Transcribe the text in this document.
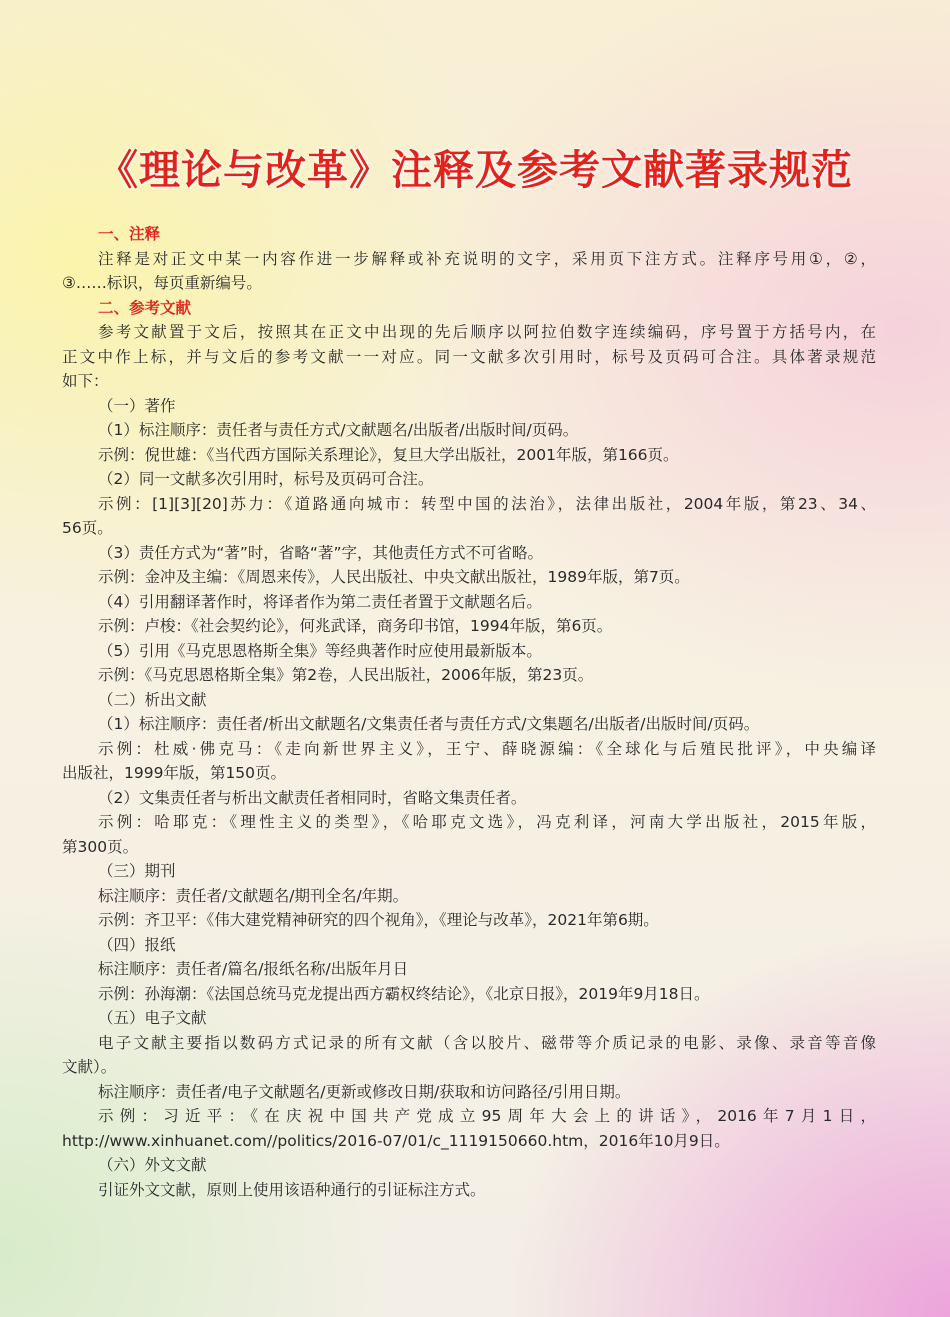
《理论与改革》注释及参考文献著录规范
一、注释
注释是对正文中某一内容作进一步解释或补充说明的文字，采用页下注方式。注释序号用①，②，
③……标识，每页重新编号。
二、参考文献
参考文献置于文后，按照其在正文中出现的先后顺序以阿拉伯数字连续编码，序号置于方括号内，在
正文中作上标，并与文后的参考文献一一对应。同一文献多次引用时，标号及页码可合注。具体著录规范
如下：
（一）著作
（1）标注顺序：责任者与责任方式/文献题名/出版者/出版时间/页码。
示例：倪世雄：《当代西方国际关系理论》，复旦大学出版社，2001年版，第166页。
（2）同一文献多次引用时，标号及页码可合注。
示例：[1][3][20]苏力：《道路通向城市：转型中国的法治》，法律出版社，2004年版，第23、34、
56页。
（3）责任方式为“著”时，省略“著”字，其他责任方式不可省略。
示例：金冲及主编：《周恩来传》，人民出版社、中央文献出版社，1989年版，第7页。
（4）引用翻译著作时，将译者作为第二责任者置于文献题名后。
示例：卢梭：《社会契约论》，何兆武译，商务印书馆，1994年版，第6页。
（5）引用《马克思恩格斯全集》等经典著作时应使用最新版本。
示例：《马克思恩格斯全集》第2卷，人民出版社，2006年版，第23页。
（二）析出文献
（1）标注顺序：责任者/析出文献题名/文集责任者与责任方式/文集题名/出版者/出版时间/页码。
示例：杜威·佛克马：《走向新世界主义》，王宁、薛晓源编：《全球化与后殖民批评》，中央编译
出版社，1999年版，第150页。
（2）文集责任者与析出文献责任者相同时，省略文集责任者。
示例：哈耶克：《理性主义的类型》，《哈耶克文选》，冯克利译，河南大学出版社，2015年版，
第300页。
（三）期刊
标注顺序：责任者/文献题名/期刊全名/年期。
示例：齐卫平：《伟大建党精神研究的四个视角》，《理论与改革》，2021年第6期。
（四）报纸
标注顺序：责任者/篇名/报纸名称/出版年月日
示例：孙海潮：《法国总统马克龙提出西方霸权终结论》，《北京日报》，2019年9月18日。
（五）电子文献
电子文献主要指以数码方式记录的所有文献（含以胶片、磁带等介质记录的电影、录像、录音等音像
文献）。
标注顺序：责任者/电子文献题名/更新或修改日期/获取和访问路径/引用日期。
示例：习近平：《在庆祝中国共产党成立95周年大会上的讲话》，2016年7月1日，
http://www.xinhuanet.com//politics/2016-07/01/c_1119150660.htm，2016年10月9日。
（六）外文文献
引证外文文献，原则上使用该语种通行的引证标注方式。
